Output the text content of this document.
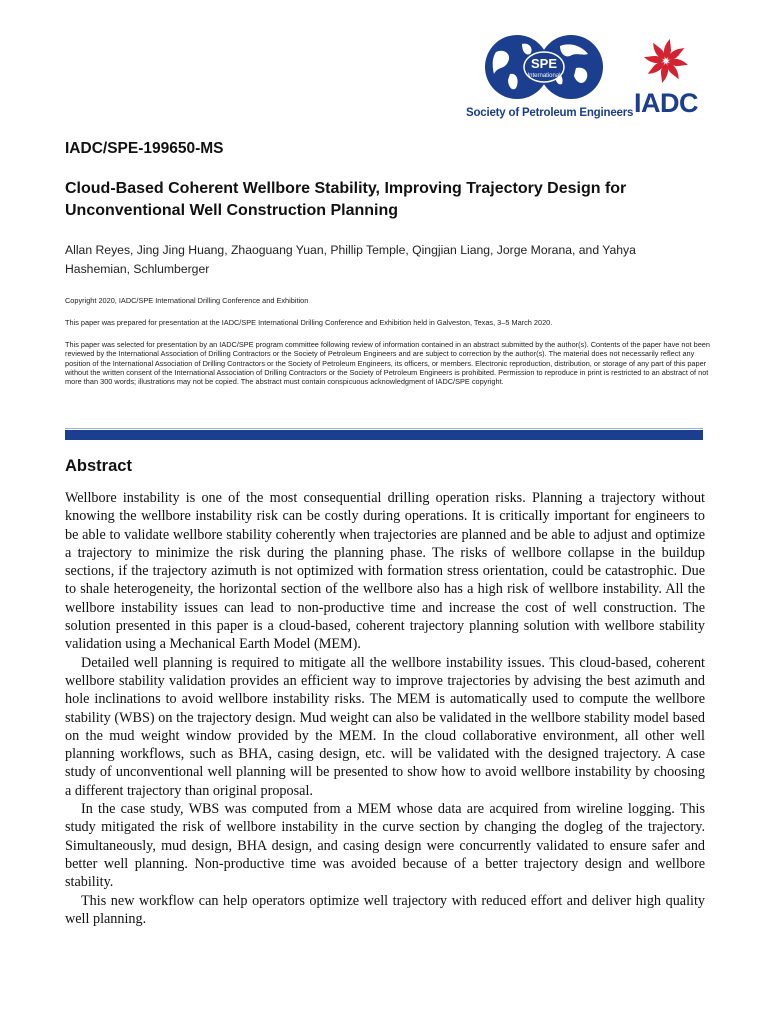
SPE
International
Society of Petroleum Engineers IADC
IADC/SPE-199650-MS
Cloud-Based Coherent Wellbore Stability, Improving Trajectory Design for Unconventional Well Construction Planning

Allan Reyes, Jing Jing Huang, Zhaoguang Yuan, Phillip Temple, Qingjian Liang, Jorge Morana, and Yahya Hashemian, Schlumberger

Copyright 2020, IADC/SPE International Drilling Conference and Exhibition

This paper was prepared for presentation at the IADC/SPE International Drilling Conference and Exhibition held in Galveston, Texas, 3–5 March 2020.

This paper was selected for presentation by an IADC/SPE program committee following review of information contained in an abstract submitted by the author(s). Contents of the paper have not been reviewed by the International Association of Drilling Contractors or the Society of Petroleum Engineers and are subject to correction by the author(s). The material does not necessarily reflect any position of the International Association of Drilling Contractors or the Society of Petroleum Engineers, its officers, or members. Electronic reproduction, distribution, or storage of any part of this paper without the written consent of the International Association of Drilling Contractors or the Society of Petroleum Engineers is prohibited. Permission to reproduce in print is restricted to an abstract of not more than 300 words; illustrations may not be copied. The abstract must contain conspicuous acknowledgment of IADC/SPE copyright.

Abstract

Wellbore instability is one of the most consequential drilling operation risks. Planning a trajectory without knowing the wellbore instability risk can be costly during operations. It is critically important for engineers to be able to validate wellbore stability coherently when trajectories are planned and be able to adjust and optimize a trajectory to minimize the risk during the planning phase. The risks of wellbore collapse in the buildup sections, if the trajectory azimuth is not optimized with formation stress orientation, could be catastrophic. Due to shale heterogeneity, the horizontal section of the wellbore also has a high risk of wellbore instability. All the wellbore instability issues can lead to non-productive time and increase the cost of well construction. The solution presented in this paper is a cloud-based, coherent trajectory planning solution with wellbore stability validation using a Mechanical Earth Model (MEM).

Detailed well planning is required to mitigate all the wellbore instability issues. This cloud-based, coherent wellbore stability validation provides an efficient way to improve trajectories by advising the best azimuth and hole inclinations to avoid wellbore instability risks. The MEM is automatically used to compute the wellbore stability (WBS) on the trajectory design. Mud weight can also be validated in the wellbore stability model based on the mud weight window provided by the MEM. In the cloud collaborative environment, all other well planning workflows, such as BHA, casing design, etc. will be validated with the designed trajectory. A case study of unconventional well planning will be presented to show how to avoid wellbore instability by choosing a different trajectory than original proposal.

In the case study, WBS was computed from a MEM whose data are acquired from wireline logging. This study mitigated the risk of wellbore instability in the curve section by changing the dogleg of the trajectory. Simultaneously, mud design, BHA design, and casing design were concurrently validated to ensure safer and better well planning. Non-productive time was avoided because of a better trajectory design and wellbore stability.

This new workflow can help operators optimize well trajectory with reduced effort and deliver high quality well planning.
